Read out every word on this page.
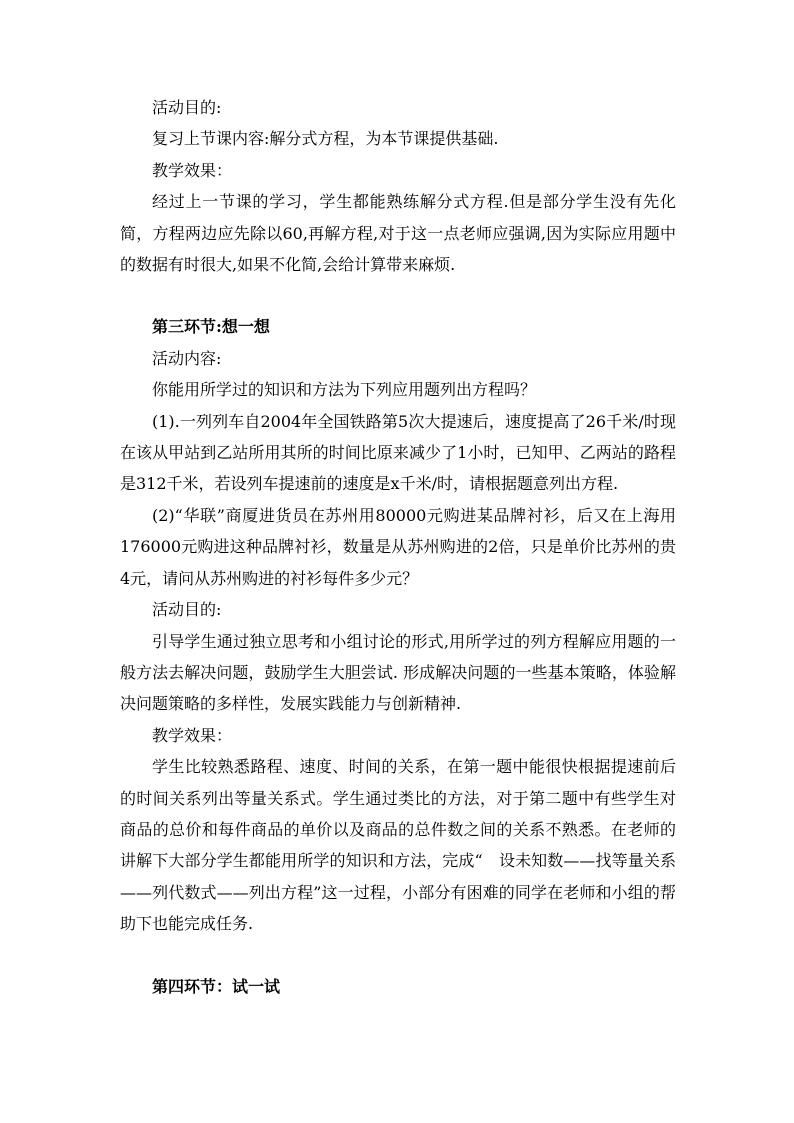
活动目的:

复习上节课内容:解分式方程，为本节课提供基础.

教学效果：

经过上一节课的学习，学生都能熟练解分式方程.但是部分学生没有先化简，方程两边应先除以60,再解方程,对于这一点老师应强调,因为实际应用题中的数据有时很大,如果不化简,会给计算带来麻烦.

第三环节:想一想

活动内容:

你能用所学过的知识和方法为下列应用题列出方程吗？

(1).一列列车自2004年全国铁路第5次大提速后，速度提高了26千米/时现在该从甲站到乙站所用其所的时间比原来减少了1小时，已知甲、乙两站的路程是312千米，若设列车提速前的速度是x千米/时，请根据题意列出方程.

(2)“华联”商厦进货员在苏州用80000元购进某品牌衬衫，后又在上海用176000元购进这种品牌衬衫，数量是从苏州购进的2倍，只是单价比苏州的贵4元，请问从苏州购进的衬衫每件多少元？

活动目的:

引导学生通过独立思考和小组讨论的形式,用所学过的列方程解应用题的一般方法去解决问题，鼓励学生大胆尝试. 形成解决问题的一些基本策略，体验解决问题策略的多样性，发展实践能力与创新精神.

教学效果：

学生比较熟悉路程、速度、时间的关系，在第一题中能很快根据提速前后的时间关系列出等量关系式。学生通过类比的方法，对于第二题中有些学生对商品的总价和每件商品的单价以及商品的总件数之间的关系不熟悉。在老师的讲解下大部分学生都能用所学的知识和方法，完成“　设未知数——找等量关系——列代数式——列出方程”这一过程，小部分有困难的同学在老师和小组的帮助下也能完成任务.

第四环节：试一试
